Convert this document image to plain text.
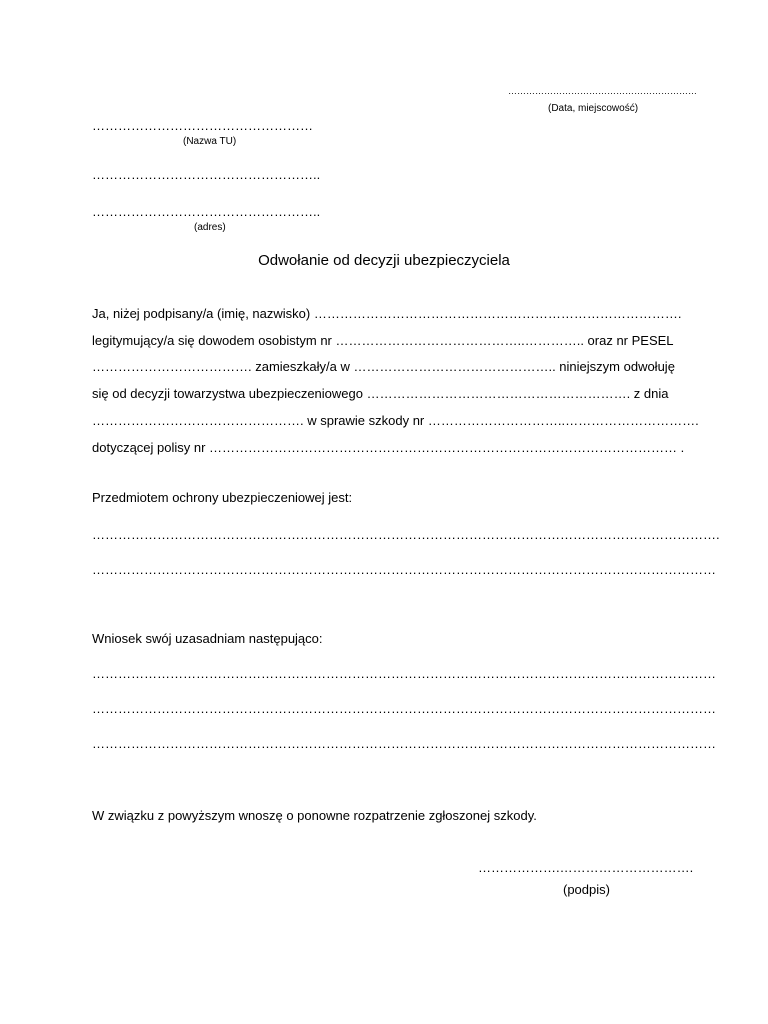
………………………………………………………
(Data, miejscowość)
……………………………………………
(Nazwa TU)
……………………………………………..
……………………………………………..
(adres)
Odwołanie od decyzji ubezpieczyciela
Ja, niżej podpisany/a (imię, nazwisko) ………………………………………………………………………….
legitymujący/a się dowodem osobistym nr ……………………………………..………….. oraz nr PESEL
………………………………. zamieszkały/a w ……………………………………….. niniejszym odwołuję
się od decyzji towarzystwa ubezpieczeniowego ……………………………………………………. z dnia
…………………………………………. w sprawie szkody nr …………………………..………………………….
dotyczącej polisy nr ……………………………………………………………………………………………… .
Przedmiotem ochrony ubezpieczeniowej jest:
……………………………………………………………………………………………………………………………….
………………………………………………………………………………………………………………………………
Wniosek swój uzasadniam następująco:
………………………………………………………………………………………………………………………………
………………………………………………………………………………………………………………………………
………………………………………………………………………………………………………………………………
W związku z powyższym wnoszę o ponowne rozpatrzenie zgłoszonej szkody.
……………….………………………….
(podpis)
